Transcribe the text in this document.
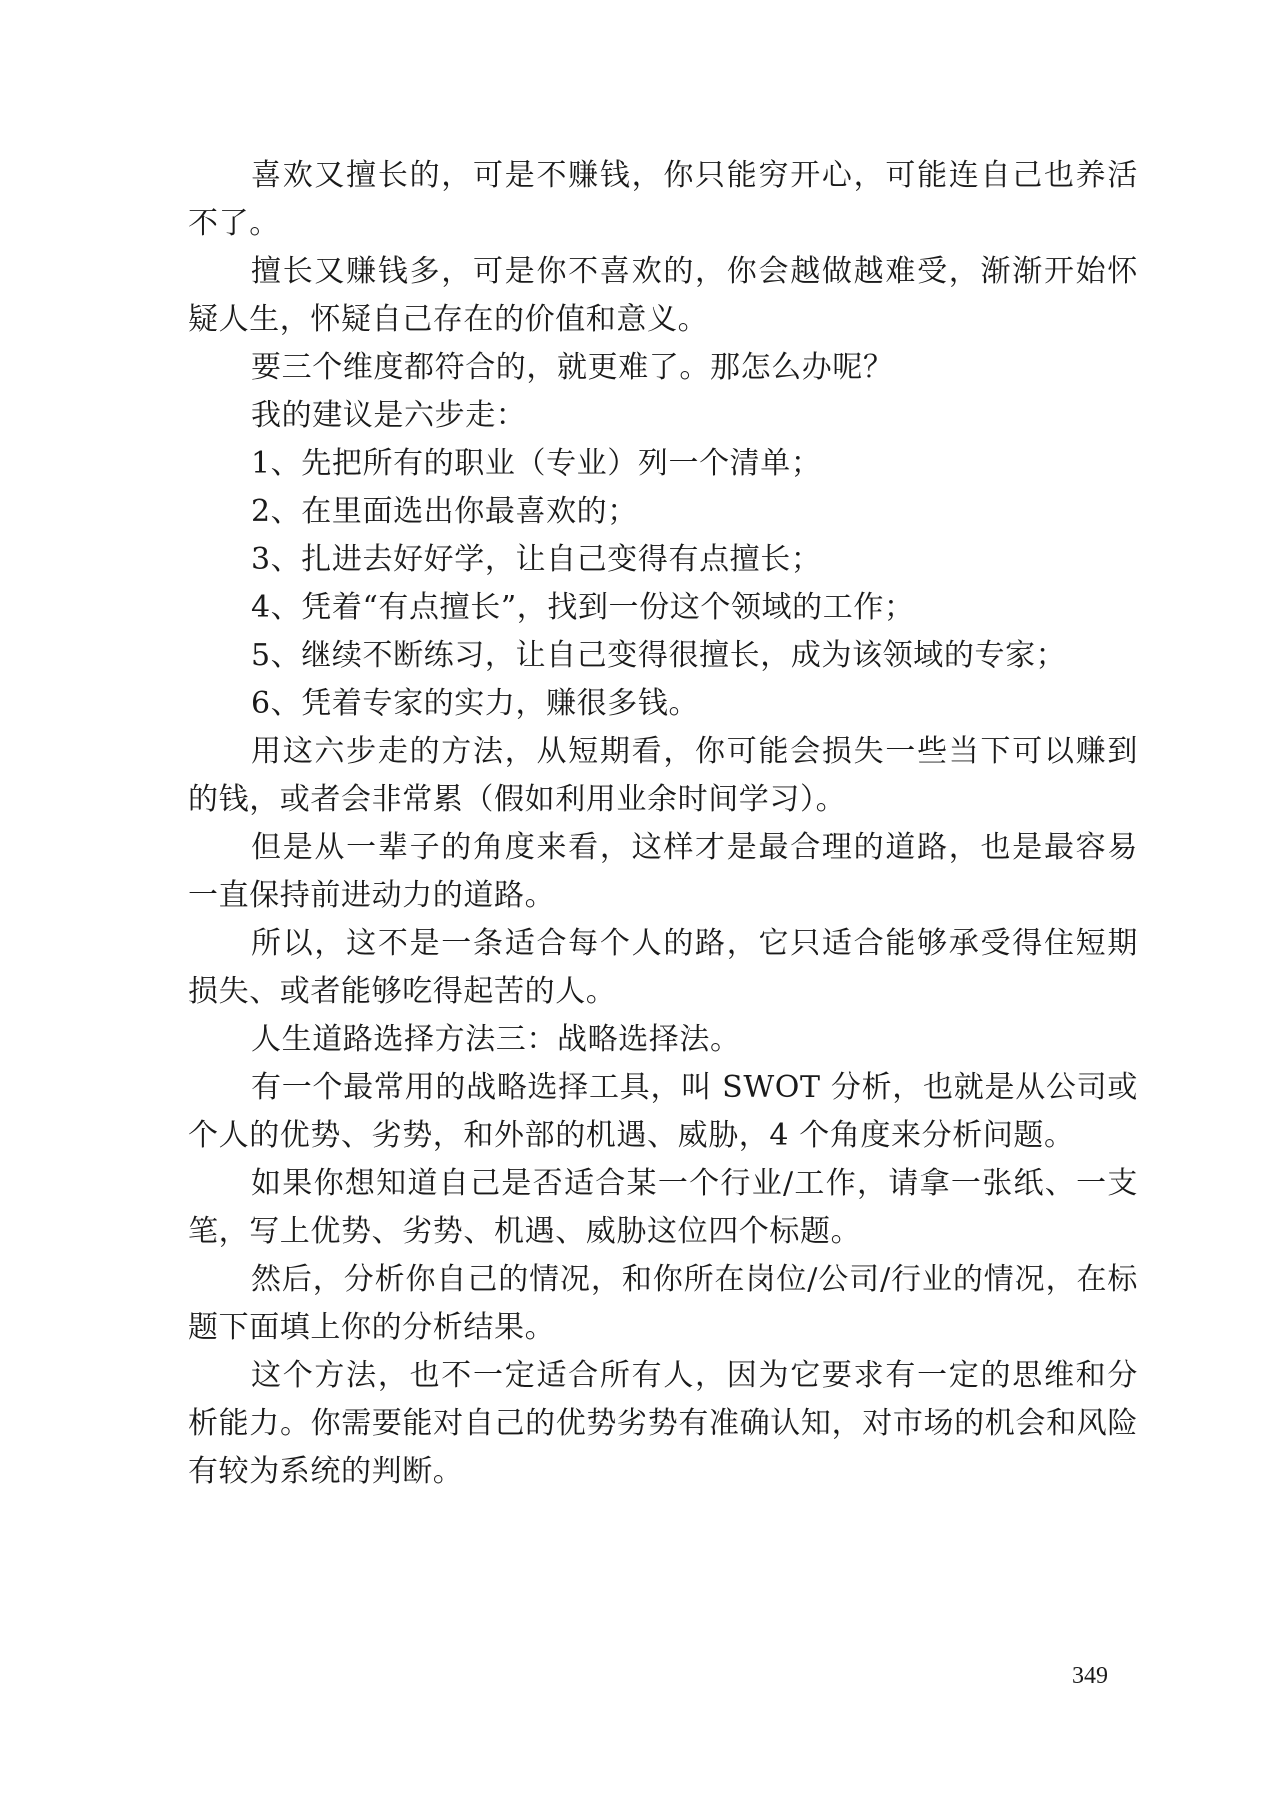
喜欢又擅长的，可是不赚钱，你只能穷开心，可能连自己也养活不了。

擅长又赚钱多，可是你不喜欢的，你会越做越难受，渐渐开始怀疑人生，怀疑自己存在的价值和意义。

要三个维度都符合的，就更难了。那怎么办呢？

我的建议是六步走：

1、先把所有的职业（专业）列一个清单；

2、在里面选出你最喜欢的；

3、扎进去好好学，让自己变得有点擅长；

4、凭着“有点擅长”，找到一份这个领域的工作；

5、继续不断练习，让自己变得很擅长，成为该领域的专家；

6、凭着专家的实力，赚很多钱。

用这六步走的方法，从短期看，你可能会损失一些当下可以赚到的钱，或者会非常累（假如利用业余时间学习）。

但是从一辈子的角度来看，这样才是最合理的道路，也是最容易一直保持前进动力的道路。

所以，这不是一条适合每个人的路，它只适合能够承受得住短期损失、或者能够吃得起苦的人。

人生道路选择方法三：战略选择法。

有一个最常用的战略选择工具，叫 SWOT 分析，也就是从公司或个人的优势、劣势，和外部的机遇、威胁，4 个角度来分析问题。

如果你想知道自己是否适合某一个行业/工作，请拿一张纸、一支笔，写上优势、劣势、机遇、威胁这位四个标题。

然后，分析你自己的情况，和你所在岗位/公司/行业的情况，在标题下面填上你的分析结果。

这个方法，也不一定适合所有人，因为它要求有一定的思维和分析能力。你需要能对自己的优势劣势有准确认知，对市场的机会和风险有较为系统的判断。

349
